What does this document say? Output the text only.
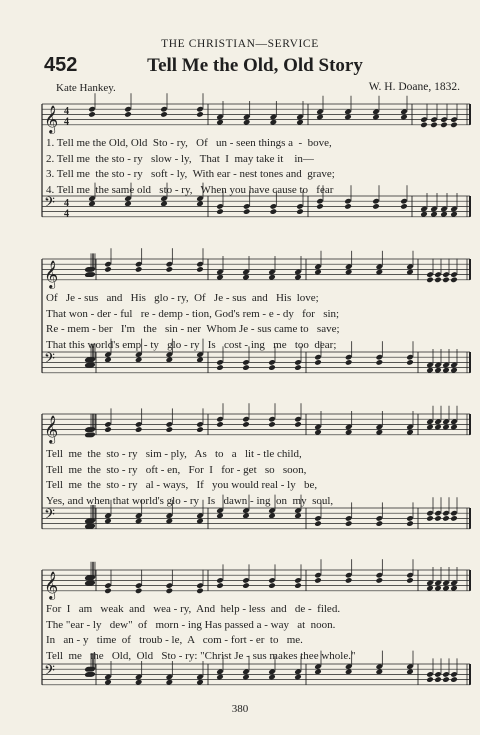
THE CHRISTIAN—SERVICE
452	Tell Me the Old, Old Story
Kate Hankey.	W. H. Doane, 1832.
𝄞 4
4
𝄢 4
4
𝄞
𝄢
𝄞
𝄢
𝄞
𝄢
1. Tell me the Old, Old  Sto - ry,   Of   un - seen things a  -  bove,
2. Tell me  the sto - ry   slow - ly,   That  I  may take it    in—
3. Tell me  the sto - ry   soft - ly,  With ear - nest tones and  grave;
4. Tell me  the same old   sto - ry,   When you have cause to   fear
Of   Je - sus   and   His   glo - ry,  Of   Je - sus  and   His  love;
That won - der - ful   re - demp - tion, God's rem - e - dy   for   sin;
Re - mem - ber   I'm   the   sin - ner  Whom Je - sus came to   save;
That this world's emp - ty   glo - ry   Is   cost - ing   me   too  dear;
Tell  me  the  sto - ry   sim - ply,   As   to   a   lit - tle child,
Tell  me  the  sto - ry   oft - en,   For  I   for - get   so   soon,
Tell  me  the  sto - ry   al - ways,   If   you would real - ly   be,
Yes, and when that world's glo - ry   Is   dawn - ing  on  my  soul,
For  I   am   weak  and   wea - ry,  And  help - less  and   de -  filed.
The "ear - ly   dew"  of   morn - ing Has passed a - way   at  noon.
In   an - y   time  of   troub - le,  A   com - fort - er  to   me.
Tell  me   the   Old,  Old   Sto - ry: "Christ Je - sus makes thee whole."
380
